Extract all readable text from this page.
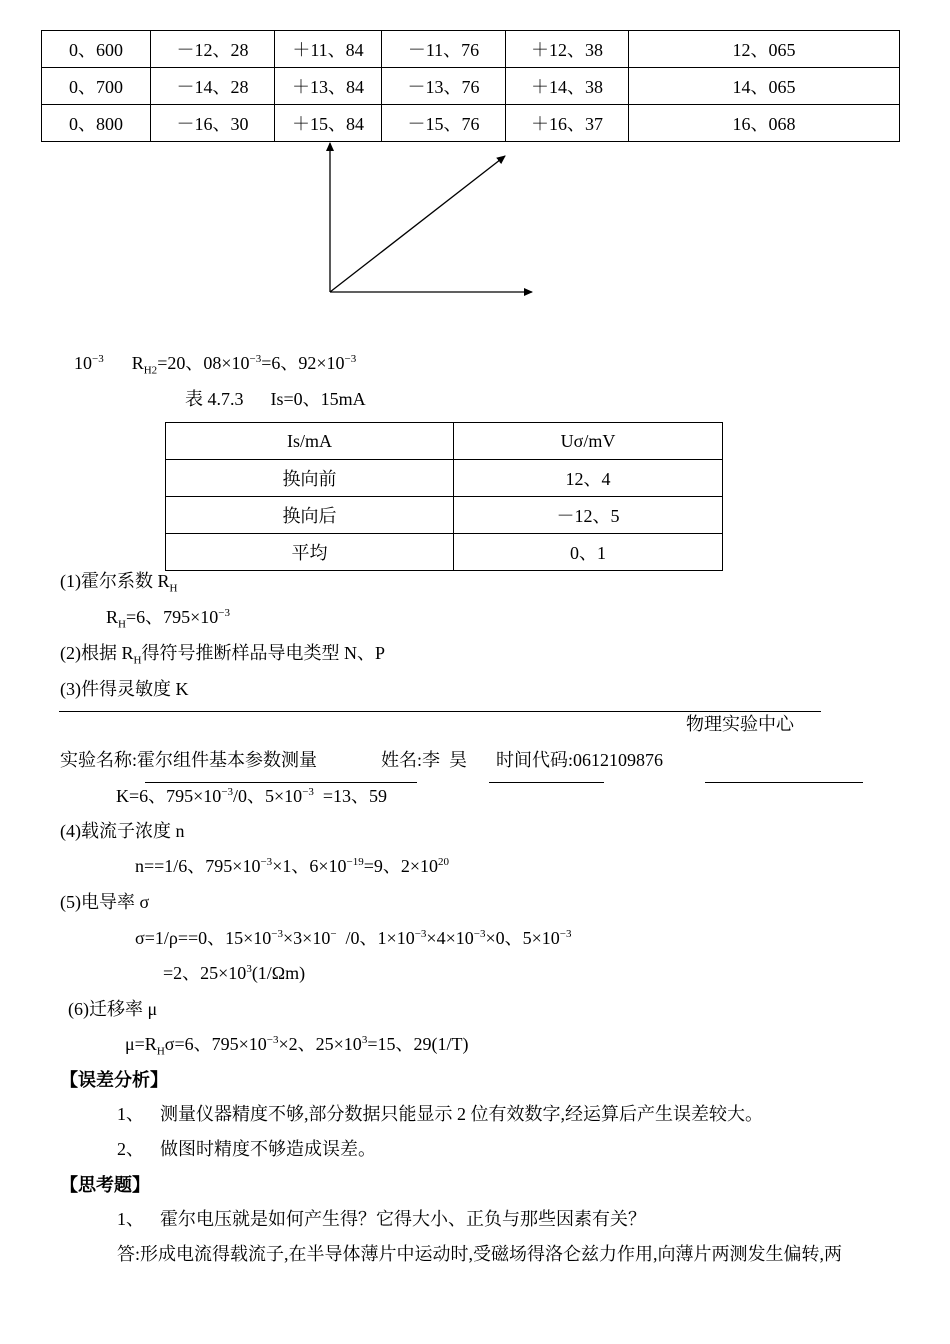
0、600	－12、28	＋11、84	－11、76	＋12、38	12、065
0、700	－14、28	＋13、84	－13、76	＋14、38	14、065
0、800	－16、30	＋15、84	－15、76	＋16、37	16、068
$10^{-3}$ $R_{H2}=20$、$08\times 10^{-3}=6$、$92\times 10^{-3}$
表 4.7.3      Is=0、15mA
Is/mA	Uσ/mV
换向前	12、4
换向后	－12、5
平均	0、1
(1)霍尔系数 $R_H$
$R_H=6$、$795\times 10^{-3}$
(2)根据 $R_H$得符号推断样品导电类型 N、P
(3)件得灵敏度 K
物理实验中心
实验名称:霍尔组件基本参数测量	姓名:李  昊 时间代码:0612109876
K=6、$795\times 10^{-3}/0$、$5\times 10^{-3} =13$、59
(4)载流子浓度 n
n==1/6、$795\times 10^{-3}\times 1$、$6\times 10^{-19}=9$、$2\times 10^{20}$
(5)电导率 σ
σ=1/ρ==0、$15\times 10^{-3}\times 3\times 10^-$  /0、$1\times 10^{-3}\times 4\times 10^{-3}\times 0$、$5\times 10^{-3}$
=2、$25\times 10^3(1/\Omega m)$
(6)迁移率 μ
$\mu=R_H\sigma=6$、$795\times 10^{-3}\times 2$、$25\times 10^3=15$、29(1/T)
【误差分析】
1、 测量仪器精度不够,部分数据只能显示 2 位有效数字,经运算后产生误差较大。
2、 做图时精度不够造成误差。
【思考题】
1、 霍尔电压就是如何产生得？它得大小、正负与那些因素有关？
答:形成电流得载流子,在半导体薄片中运动时,受磁场得洛仑兹力作用,向薄片两测发生偏转,两
